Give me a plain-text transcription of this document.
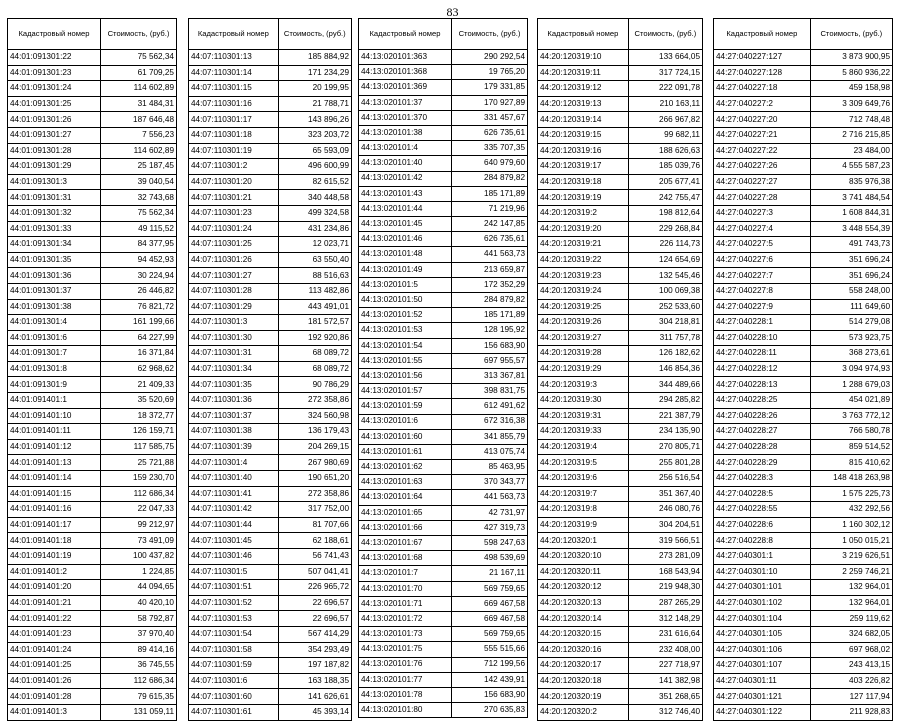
83
Кадастровый номер	Стоимость, (руб.)
44:01:091301:22	75 562,34
44:01:091301:23	61 709,25
44:01:091301:24	114 602,89
44:01:091301:25	31 484,31
44:01:091301:26	187 646,48
44:01:091301:27	7 556,23
44:01:091301:28	114 602,89
44:01:091301:29	25 187,45
44:01:091301:3	39 040,54
44:01:091301:31	32 743,68
44:01:091301:32	75 562,34
44:01:091301:33	49 115,52
44:01:091301:34	84 377,95
44:01:091301:35	94 452,93
44:01:091301:36	30 224,94
44:01:091301:37	26 446,82
44:01:091301:38	76 821,72
44:01:091301:4	161 199,66
44:01:091301:6	64 227,99
44:01:091301:7	16 371,84
44:01:091301:8	62 968,62
44:01:091301:9	21 409,33
44:01:091401:1	35 520,69
44:01:091401:10	18 372,77
44:01:091401:11	126 159,71
44:01:091401:12	117 585,75
44:01:091401:13	25 721,88
44:01:091401:14	159 230,70
44:01:091401:15	112 686,34
44:01:091401:16	22 047,33
44:01:091401:17	99 212,97
44:01:091401:18	73 491,09
44:01:091401:19	100 437,82
44:01:091401:2	1 224,85
44:01:091401:20	44 094,65
44:01:091401:21	40 420,10
44:01:091401:22	58 792,87
44:01:091401:23	37 970,40
44:01:091401:24	89 414,16
44:01:091401:25	36 745,55
44:01:091401:26	112 686,34
44:01:091401:28	79 615,35
44:01:091401:3	131 059,11
Кадастровый номер	Стоимость, (руб.)
44:07:110301:13	185 884,92
44:07:110301:14	171 234,29
44:07:110301:15	20 199,95
44:07:110301:16	21 788,71
44:07:110301:17	143 896,26
44:07:110301:18	323 203,72
44:07:110301:19	65 593,09
44:07:110301:2	496 600,99
44:07:110301:20	82 615,52
44:07:110301:21	340 448,58
44:07:110301:23	499 324,58
44:07:110301:24	431 234,86
44:07:110301:25	12 023,71
44:07:110301:26	63 550,40
44:07:110301:27	88 516,63
44:07:110301:28	113 482,86
44:07:110301:29	443 491,01
44:07:110301:3	181 572,57
44:07:110301:30	192 920,86
44:07:110301:31	68 089,72
44:07:110301:34	68 089,72
44:07:110301:35	90 786,29
44:07:110301:36	272 358,86
44:07:110301:37	324 560,98
44:07:110301:38	136 179,43
44:07:110301:39	204 269,15
44:07:110301:4	267 980,69
44:07:110301:40	190 651,20
44:07:110301:41	272 358,86
44:07:110301:42	317 752,00
44:07:110301:44	81 707,66
44:07:110301:45	62 188,61
44:07:110301:46	56 741,43
44:07:110301:5	507 041,41
44:07:110301:51	226 965,72
44:07:110301:52	22 696,57
44:07:110301:53	22 696,57
44:07:110301:54	567 414,29
44:07:110301:58	354 293,49
44:07:110301:59	197 187,82
44:07:110301:6	163 188,35
44:07:110301:60	141 626,61
44:07:110301:61	45 393,14
Кадастровый номер	Стоимость, (руб.)
44:13:020101:363	290 292,54
44:13:020101:368	19 765,20
44:13:020101:369	179 331,85
44:13:020101:37	170 927,89
44:13:020101:370	331 457,67
44:13:020101:38	626 735,61
44:13:020101:4	335 707,35
44:13:020101:40	640 979,60
44:13:020101:42	284 879,82
44:13:020101:43	185 171,89
44:13:020101:44	71 219,96
44:13:020101:45	242 147,85
44:13:020101:46	626 735,61
44:13:020101:48	441 563,73
44:13:020101:49	213 659,87
44:13:020101:5	172 352,29
44:13:020101:50	284 879,82
44:13:020101:52	185 171,89
44:13:020101:53	128 195,92
44:13:020101:54	156 683,90
44:13:020101:55	697 955,57
44:13:020101:56	313 367,81
44:13:020101:57	398 831,75
44:13:020101:59	612 491,62
44:13:020101:6	672 316,38
44:13:020101:60	341 855,79
44:13:020101:61	413 075,74
44:13:020101:62	85 463,95
44:13:020101:63	370 343,77
44:13:020101:64	441 563,73
44:13:020101:65	42 731,97
44:13:020101:66	427 319,73
44:13:020101:67	598 247,63
44:13:020101:68	498 539,69
44:13:020101:7	21 167,11
44:13:020101:70	569 759,65
44:13:020101:71	669 467,58
44:13:020101:72	669 467,58
44:13:020101:73	569 759,65
44:13:020101:75	555 515,66
44:13:020101:76	712 199,56
44:13:020101:77	142 439,91
44:13:020101:78	156 683,90
44:13:020101:80	270 635,83
Кадастровый номер	Стоимость, (руб.)
44:20:120319:10	133 664,05
44:20:120319:11	317 724,15
44:20:120319:12	222 091,78
44:20:120319:13	210 163,11
44:20:120319:14	266 967,82
44:20:120319:15	99 682,11
44:20:120319:16	188 626,63
44:20:120319:17	185 039,76
44:20:120319:18	205 677,41
44:20:120319:19	242 755,47
44:20:120319:2	198 812,64
44:20:120319:20	229 268,84
44:20:120319:21	226 114,73
44:20:120319:22	124 654,69
44:20:120319:23	132 545,46
44:20:120319:24	100 069,38
44:20:120319:25	252 533,60
44:20:120319:26	304 218,81
44:20:120319:27	311 757,78
44:20:120319:28	126 182,62
44:20:120319:29	146 854,36
44:20:120319:3	344 489,66
44:20:120319:30	294 285,82
44:20:120319:31	221 387,79
44:20:120319:33	234 135,90
44:20:120319:4	270 805,71
44:20:120319:5	255 801,28
44:20:120319:6	256 516,54
44:20:120319:7	351 367,40
44:20:120319:8	246 080,76
44:20:120319:9	304 204,51
44:20:120320:1	319 566,51
44:20:120320:10	273 281,09
44:20:120320:11	168 543,94
44:20:120320:12	219 948,30
44:20:120320:13	287 265,29
44:20:120320:14	312 148,29
44:20:120320:15	231 616,64
44:20:120320:16	232 408,00
44:20:120320:17	227 718,97
44:20:120320:18	141 382,98
44:20:120320:19	351 268,65
44:20:120320:2	312 746,40
Кадастровый номер	Стоимость, (руб.)
44:27:040227:127	3 873 900,95
44:27:040227:128	5 860 936,22
44:27:040227:18	459 158,98
44:27:040227:2	3 309 649,76
44:27:040227:20	712 748,48
44:27:040227:21	2 716 215,85
44:27:040227:22	23 484,00
44:27:040227:26	4 555 587,23
44:27:040227:27	835 976,38
44:27:040227:28	3 741 484,54
44:27:040227:3	1 608 844,31
44:27:040227:4	3 448 554,39
44:27:040227:5	491 743,73
44:27:040227:6	351 696,24
44:27:040227:7	351 696,24
44:27:040227:8	558 248,00
44:27:040227:9	111 649,60
44:27:040228:1	514 279,08
44:27:040228:10	573 923,75
44:27:040228:11	368 273,61
44:27:040228:12	3 094 974,93
44:27:040228:13	1 288 679,03
44:27:040228:25	454 021,89
44:27:040228:26	3 763 772,12
44:27:040228:27	766 580,78
44:27:040228:28	859 514,52
44:27:040228:29	815 410,62
44:27:040228:3	148 418 263,98
44:27:040228:5	1 575 225,73
44:27:040228:55	432 292,56
44:27:040228:6	1 160 302,12
44:27:040228:8	1 050 015,21
44:27:040301:1	3 219 626,51
44:27:040301:10	2 259 746,21
44:27:040301:101	132 964,01
44:27:040301:102	132 964,01
44:27:040301:104	259 119,62
44:27:040301:105	324 682,05
44:27:040301:106	697 968,02
44:27:040301:107	243 413,15
44:27:040301:11	403 226,82
44:27:040301:121	127 117,94
44:27:040301:122	211 928,83
